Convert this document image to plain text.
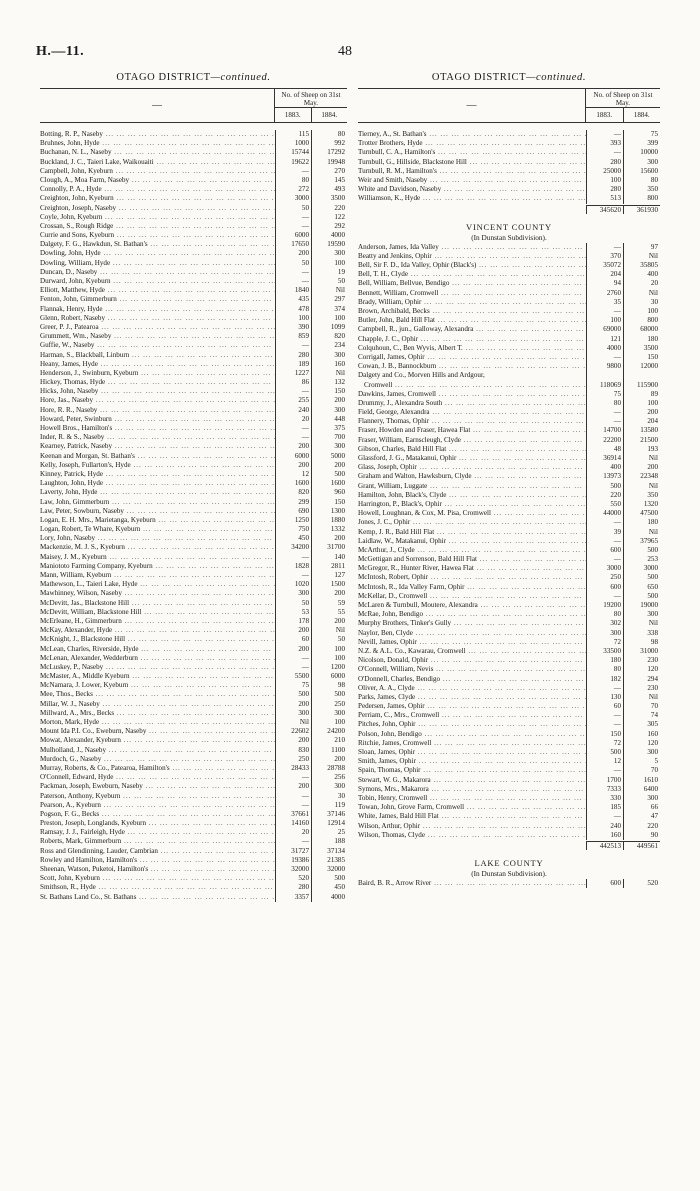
H.—11.	48
OTAGO DISTRICT—continued.
—	
No. of Sheep on 31st May.
1883.	1884.
Botting, R. P., Naseby ... .	115	80
Bruhnes, John, Hyde ... .	1000	992
Buchanan, N. L., Naseby ... .	15744	17292
Buckland, J. C., Taieri Lake, Waikouaiti ... .	19622	19948
Campbell, John, Kyeburn ... .	—	270
Clough, A., Moa Farm, Naseby ... .	80	145
Connolly, P. A., Hyde ... .	272	493
Creighton, John, Kyeburn ... .	3000	3500
Creighton, Joseph, Naseby ... .	50	220
Coyle, John, Kyeburn ... .	—	122
Crossan, S., Rough Ridge ... .	—	292
Currie and Sons, Kyeburn ... .	6000	4000
Dalgety, F. G., Hawkdun, St. Bathan's ... .	17650	19590
Dowling, John, Hyde ... .	200	300
Dowling, William, Hyde ... .	50	100
Duncan, D., Naseby ... .	—	19
Durward, John, Kyeburn ... .	—	50
Elliott, Matthew, Hyde ... .	1840	Nil
Fenton, John, Gimmerburn ... .	435	297
Flannak, Henry, Hyde ... .	478	374
Glenn, Robert, Naseby ... .	100	100
Greer, P. J., Patearoa ... .	390	1099
Grummett, Wm., Naseby ... .	859	820
Guffie, W., Naseby ... .	—	234
Harman, S., Blackball, Linburn ... .	280	300
Heany, James, Hyde ... .	189	160
Henderson, J., Swinburn, Kyeburn ... .	1227	Nil
Hickey, Thomas, Hyde ... .	86	132
Hicks, John, Naseby ... .	—	150
Hore, Jas., Naseby ... .	255	200
Hore, R. R., Naseby ... .	240	300
Howard, Peter, Swinburn ... .	20	448
Howell Bros., Hamilton's ... .	—	375
Inder, R. & S., Naseby ... .	—	700
Kearney, Patrick, Naseby ... .	200	300
Keenan and Morgan, St. Bathan's ... .	6000	5000
Kelly, Joseph, Fullarton's, Hyde ... .	200	200
Kinney, Patrick, Hyde ... .	12	500
Laughton, John, Hyde ... .	1600	1600
Laverty, John, Hyde ... .	820	960
Law, John, Gimmerburn ... .	299	150
Law, Peter, Sowburn, Naseby ... .	690	1300
Logan, E. H. Mrs., Marietanga, Kyeburn ... .	1250	1880
Logan, Robert, Te Whare, Kyeburn ... .	750	1332
Lory, John, Naseby ... .	450	200
Mackenzie, M. J. S., Kyeburn ... .	34200	31700
Maisey, J. M., Kyeburn ... .	—	140
Maniototo Farming Company, Kyeburn ... .	1828	2811
Mann, William, Kyeburn ... .	—	127
Mathewson, L., Taieri Lake, Hyde ... .	1020	1500
Mawhinney, Wilson, Naseby ... .	300	200
McDevitt, Jas., Blackstone Hill ... .	50	59
McDevitt, William, Blackstone Hill ... .	53	55
McErleane, H., Gimmerburn ... .	178	200
McKay, Alexander, Hyde ... .	200	Nil
McKnight, J., Blackstone Hill ... .	60	50
McLean, Charles, Riverside, Hyde ... .	200	100
McLenan, Alexander, Wedderburn ... .	—	100
McLuskey, P., Naseby ... .	—	1200
McMaster, A., Middle Kyeburn ... .	5500	6000
McNamara, J. Lower, Kyeburn ... .	75	98
Mee, Thos., Becks ... .	500	500
Millar, W. J., Naseby ... .	200	250
Millward, A., Mrs., Becks ... .	300	300
Morton, Mark, Hyde ... .	Nil	100
Mount Ida P.I. Co., Eweburn, Naseby ... .	22602	24200
Mowat, Alexander, Kyeburn ... .	200	210
Mulholland, J., Naseby ... .	830	1100
Murdoch, G., Naseby ... .	250	200
Murray, Roberts, & Co., Patearoa, Hamilton's ... .	28433	28788
O'Connell, Edward, Hyde ... .	—	256
Packman, Joseph, Eweburn, Naseby ... .	200	300
Paterson, Anthony, Kyeburn ... .	—	30
Pearson, A., Kyeburn ... .	—	119
Pogson, F. G., Becks ... .	37661	37146
Preston, Joseph, Longlands, Kyeburn ... .	14160	12914
Ramsay, J. J., Fairleigh, Hyde ... .	20	25
Roberts, Mark, Gimmerburn ... .	—	188
Ross and Glendinning, Lauder, Cambrian ... .	31727	37134
Rowley and Hamilton, Hamilton's ... .	19386	21385
Sheenan, Watson, Puketoi, Hamilton's ... .	32000	32000
Scott, John, Kyeburn ... .	520	500
Smithson, R., Hyde ... .	280	450
St. Bathans Land Co., St. Bathans ... .	3357	4000
OTAGO DISTRICT—continued.
—	
No. of Sheep on 31st May.
1883.	1884.
Tierney, A., St. Bathan's ... .	—	75
Trotter Brothers, Hyde ... .	393	399
Turnbull, C. A., Hamilton's ... .	—	10000
Turnbull, G., Hillside, Blackstone Hill ... .	280	300
Turnbull, R. M., Hamilton's ... .	25000	15600
Weir and Smith, Naseby ... .	100	80
White and Davidson, Naseby ... .	280	350
Williamson, K., Hyde ... .	513	800
345620	361930
VINCENT COUNTY
(In Dunstan Subdivision).
Anderson, James, Ida Valley ... .	—	97
Beatty and Jenkins, Ophir ... .	370	Nil
Bell, Sir F. D., Ida Valley, Ophir (Black's) ... .	35072	35805
Bell, T. H., Clyde ... .	204	400
Bell, William, Bellvue, Bendigo ... .	94	20
Bennett, William, Cromwell ... .	2760	Nil
Brady, William, Ophir ... .	35	30
Brown, Archibald, Becks ... .	—	100
Butler, John, Bald Hill Flat ... .	100	800
Campbell, R., jun., Galloway, Alexandra ... .	69000	68000
Chapple, J. C., Ophir ... .	121	180
Colquhoun, C., Ben Wyvis, Albert T. ... .	4000	3500
Corrigall, James, Ophir ... .	—	150
Cowan, J. B., Bannockburn ... .	9800	12000
Dalgety and Co., Morven Hills and Ardgour,
Cromwell ... .	118069	115900
Dawkins, James, Cromwell ... .	75	89
Drummy, J., Alexandra South ... .	80	100
Field, George, Alexandra ... .	—	200
Flannery, Thomas, Ophir ... .	—	204
Fraser, Howden and Fraser, Hawea Flat ... .	14700	13580
Fraser, William, Earnscleugh, Clyde ... .	22200	21500
Gibson, Charles, Bald Hill Flat ... .	48	193
Glassford, J. G., Matakanui, Ophir ... .	36914	Nil
Glass, Joseph, Ophir ... .	400	200
Graham and Walton, Hawksburn, Clyde ... .	13973	22348
Grant, William, Luggate ... .	500	Nil
Hamilton, John, Black's, Clyde ... .	220	350
Harrington, P., Black's, Ophir ... .	550	1320
Howell, Loughnan, & Cox, M. Pisa, Cromwell ... .	44000	47500
Jones, J. C., Ophir ... .	—	180
Kemp, J. R., Bald Hill Flat ... .	39	Nil
Laidlaw, W., Matakanui, Ophir ... .	—	37965
McArthur, J., Clyde ... .	600	500
McGettigan and Sorrenson, Bald Hill Flat ... .	—	253
McGregor, R., Hunter River, Hawea Flat ... .	3000	3000
McIntosh, Robert, Ophir ... .	250	500
McIntosh, R., Ida Valley Farm, Ophir ... .	600	650
McKellar, D., Cromwell ... .	—	500
McLaren & Turnbull, Moutere, Alexandra ... .	19200	19000
McRae, John, Bendigo ... .	80	300
Murphy Brothers, Tinker's Gully ... .	302	Nil
Naylor, Ben, Clyde ... .	300	338
Nevill, James, Ophir ... .	72	98
N.Z. & A.L. Co., Kawarau, Cromwell ... .	33500	31000
Nicolson, Donald, Ophir ... .	180	230
O'Connell, William, Nevis ... .	80	120
O'Donnell, Charles, Bendigo ... .	182	294
Oliver, A. A., Clyde ... .	—	230
Parks, James, Clyde ... .	130	Nil
Pedersen, James, Ophir ... .	60	70
Perriam, C., Mrs., Cromwell ... .	—	74
Pitches, John, Ophir ... .	—	305
Polson, John, Bendigo ... .	150	160
Ritchie, James, Cromwell ... .	72	120
Sloan, James, Ophir ... .	500	300
Smith, James, Ophir ... .	12	5
Spain, Thomas, Ophir ... .	—	70
Stewart, W. G., Makarora ... .	1700	1610
Symons, Mrs., Makarora ... .	7333	6400
Tobin, Henry, Cromwell ... .	330	300
Towan, John, Grove Farm, Cromwell ... .	185	66
White, James, Bald Hill Flat ... .	—	47
Wilson, Arthur, Ophir ... .	240	220
Wilson, Thomas, Clyde ... .	160	90
442513	449561
LAKE COUNTY
(In Dunstan Subdivision).
Baird, B. R., Arrow River ... .	600	520
